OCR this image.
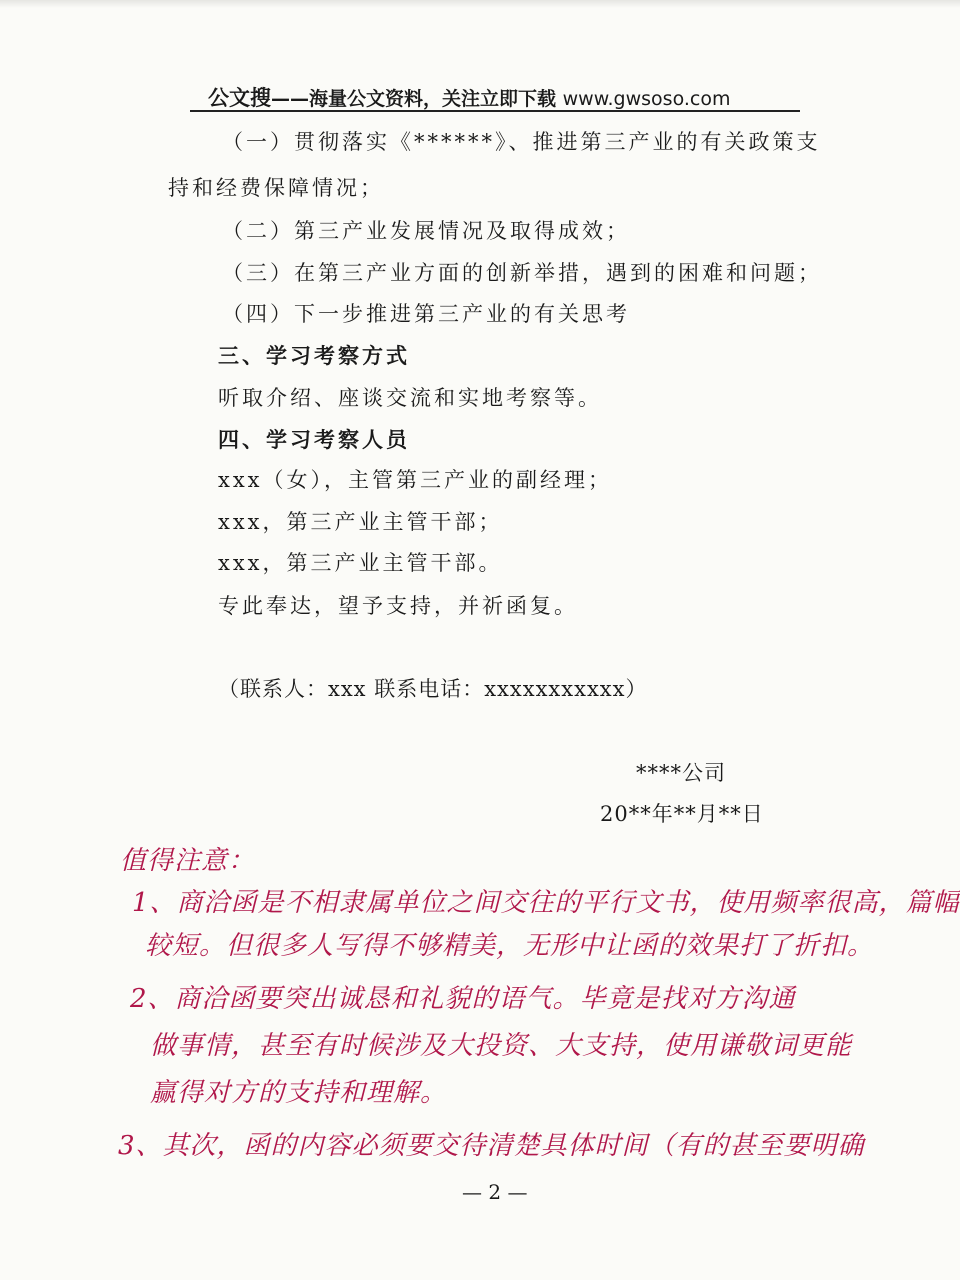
公文搜——海量公文资料，关注立即下载 www.gwsoso.com
（一）贯彻落实《******》、推进第三产业的有关政策支
持和经费保障情况；
（二）第三产业发展情况及取得成效；
（三）在第三产业方面的创新举措，遇到的困难和问题；
（四）下一步推进第三产业的有关思考
三、学习考察方式
听取介绍、座谈交流和实地考察等。
四、学习考察人员
xxx（女），主管第三产业的副经理；
xxx，第三产业主管干部；
xxx，第三产业主管干部。
专此奉达，望予支持，并祈函复。
（联系人：xxx 联系电话：xxxxxxxxxxx）
****公司
20**年**月**日
值得注意：
1、商洽函是不相隶属单位之间交往的平行文书，使用频率很高，篇幅
较短。但很多人写得不够精美，无形中让函的效果打了折扣。
2、商洽函要突出诚恳和礼貌的语气。毕竟是找对方沟通
做事情，甚至有时候涉及大投资、大支持，使用谦敬词更能
赢得对方的支持和理解。
3、其次，函的内容必须要交待清楚具体时间（有的甚至要明确
— 2 —
